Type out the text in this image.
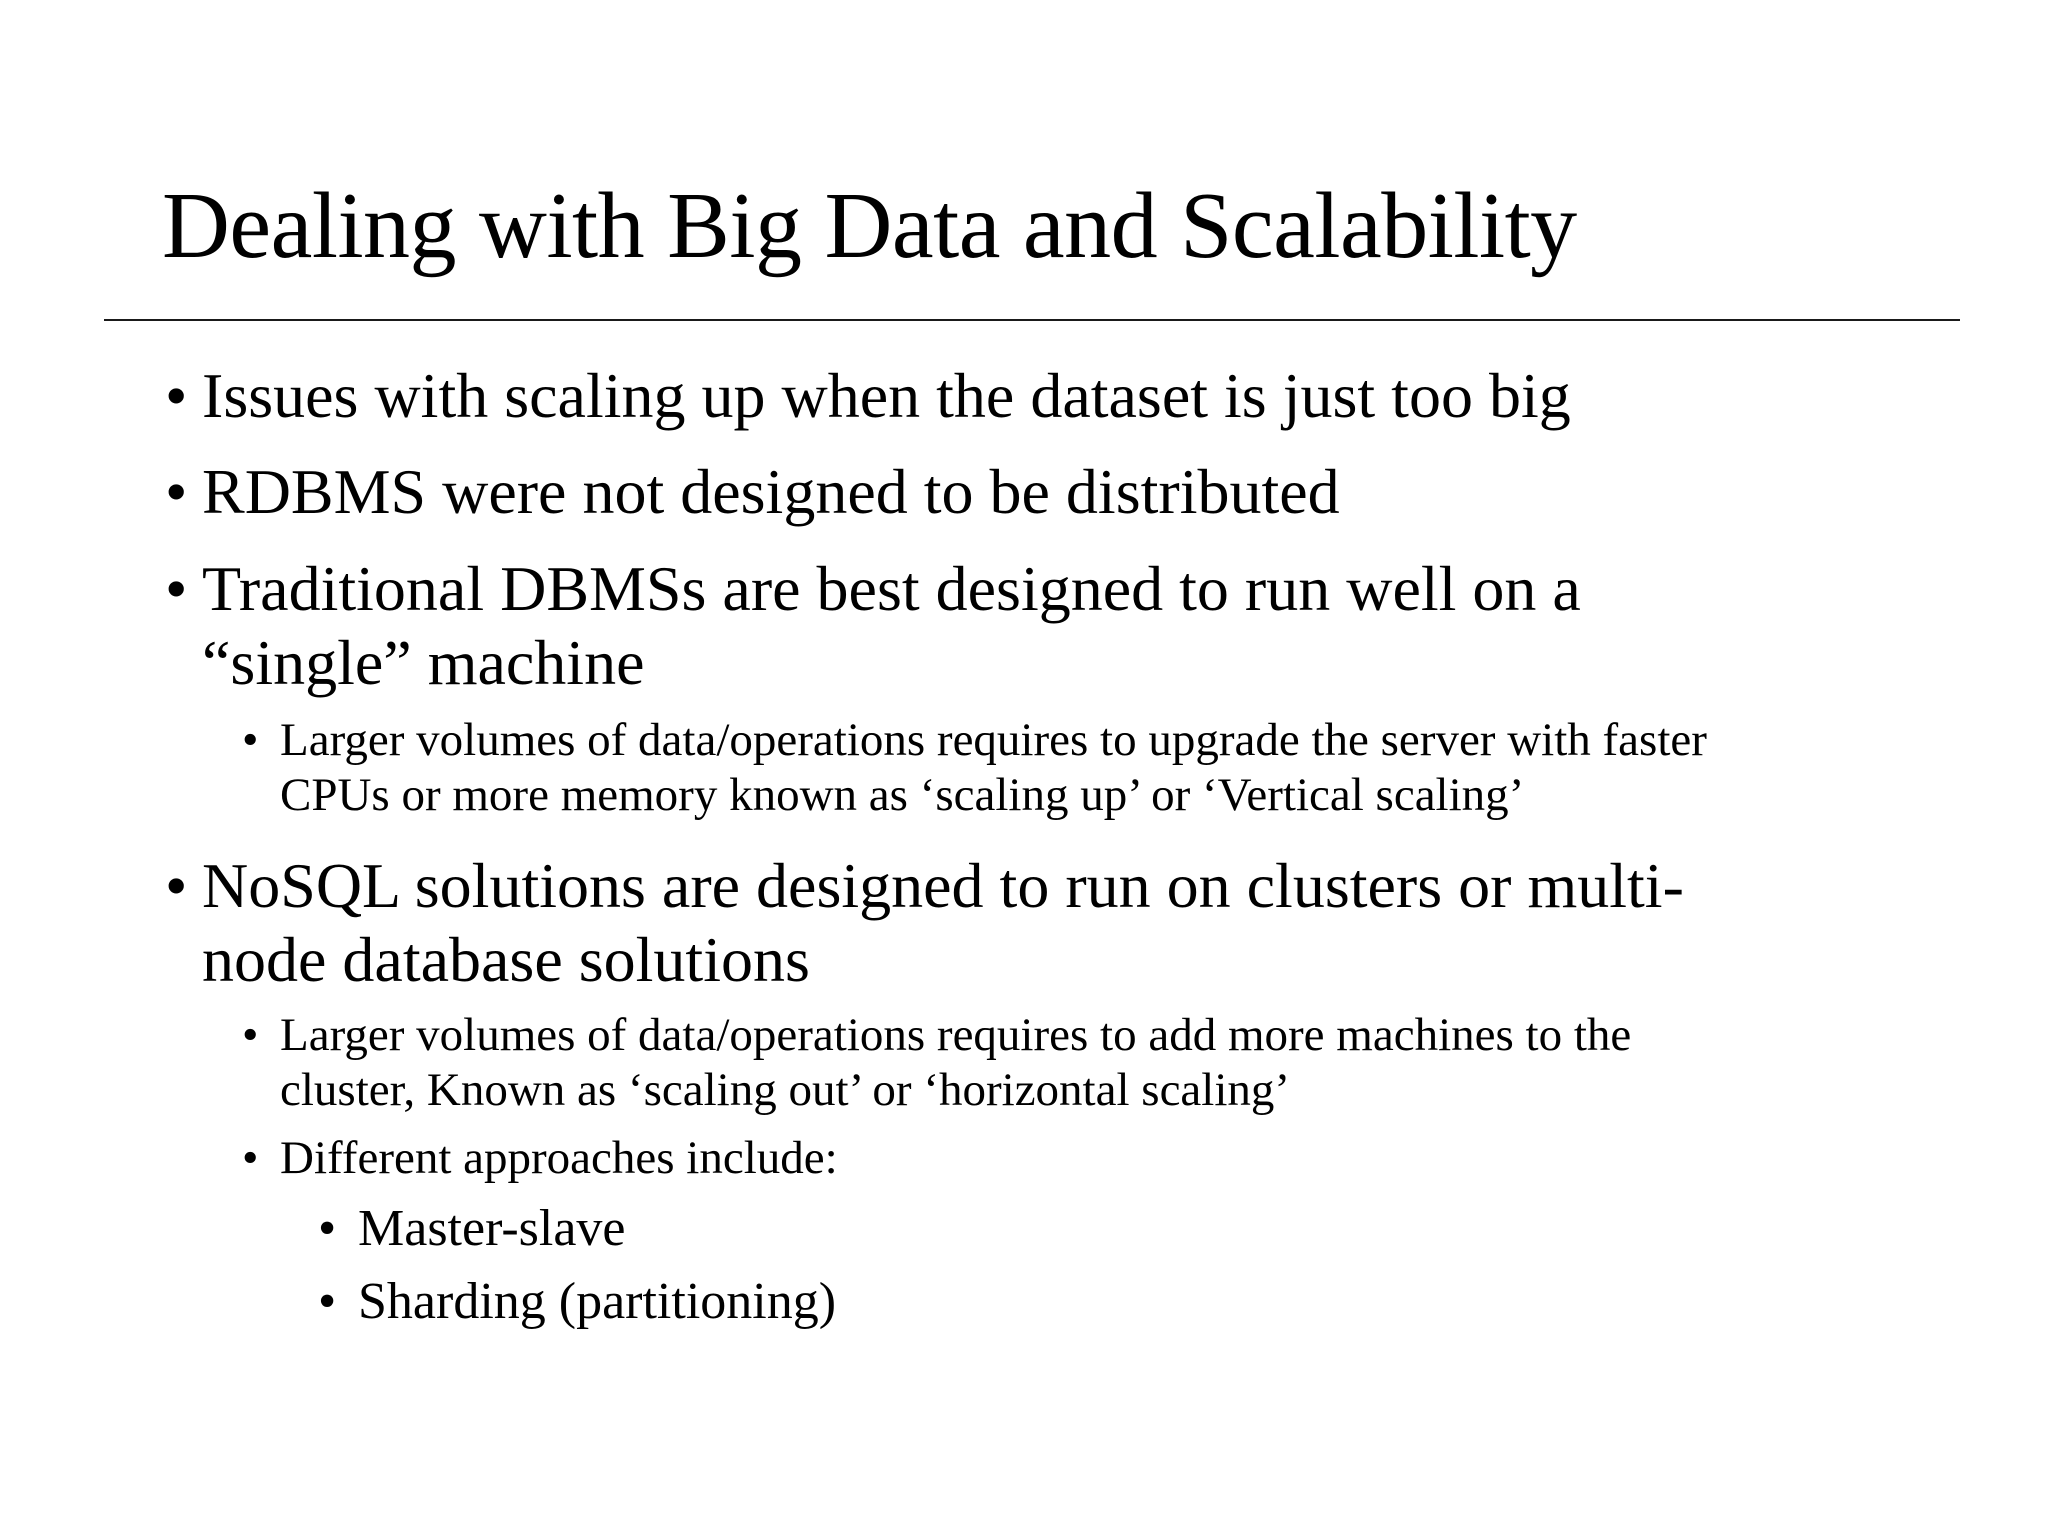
Dealing with Big Data and Scalability
• Issues with scaling up when the dataset is just too big
• RDBMS were not designed to be distributed
• Traditional DBMSs are best designed to run well on a
“single” machine
• Larger volumes of data/operations requires to upgrade the server with faster
CPUs or more memory known as ‘scaling up’ or ‘Vertical scaling’
• NoSQL solutions are designed to run on clusters or multi-
node database solutions
• Larger volumes of data/operations requires to add more machines to the
cluster, Known as ‘scaling out’ or ‘horizontal scaling’
• Different approaches include:
• Master-slave
• Sharding (partitioning)
